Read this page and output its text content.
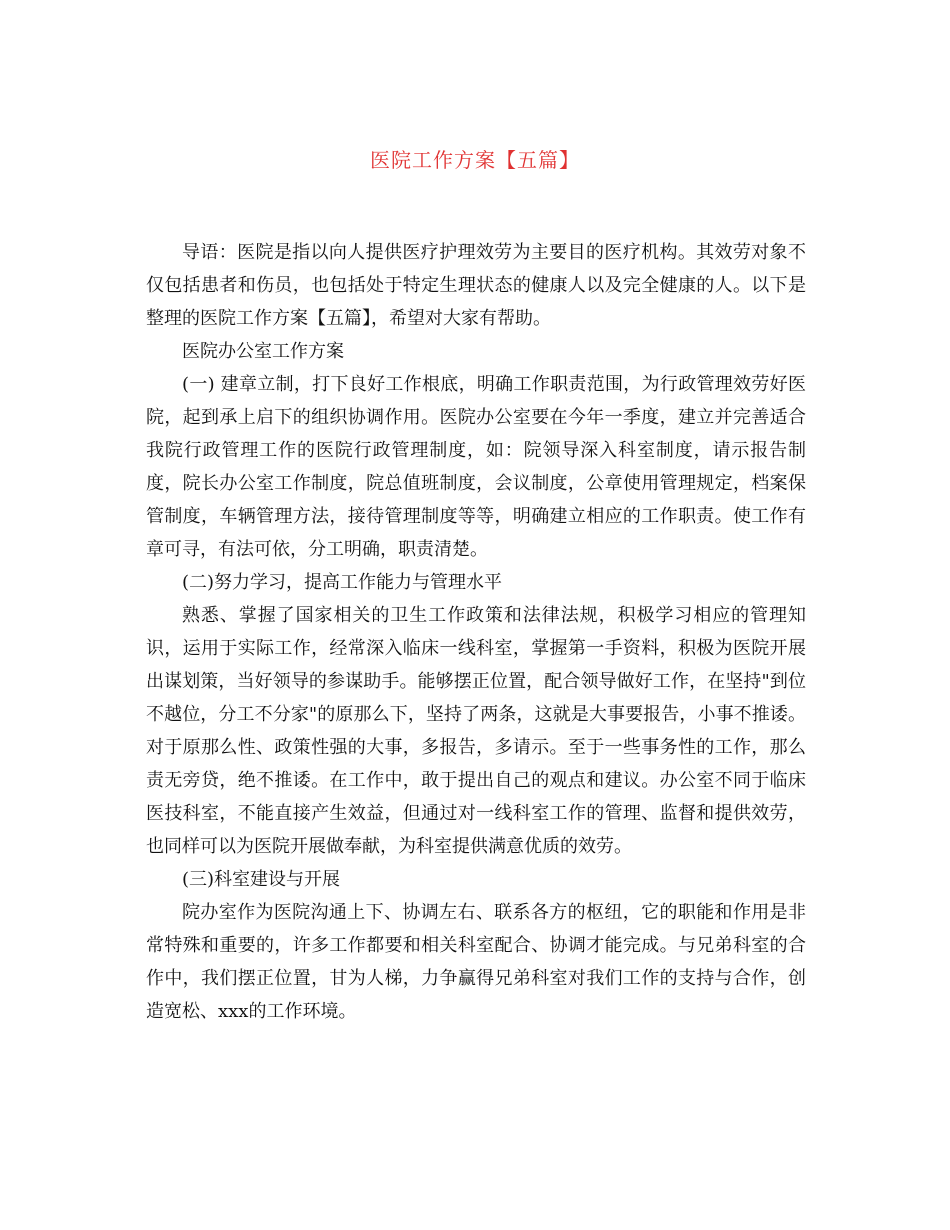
医院工作方案【五篇】

导语：医院是指以向人提供医疗护理效劳为主要目的医疗机构。其效劳对象不仅包括患者和伤员，也包括处于特定生理状态的健康人以及完全健康的人。以下是整理的医院工作方案【五篇】，希望对大家有帮助。

医院办公室工作方案

(一) 建章立制，打下良好工作根底，明确工作职责范围，为行政管理效劳好医院，起到承上启下的组织协调作用。医院办公室要在今年一季度，建立并完善适合我院行政管理工作的医院行政管理制度，如：院领导深入科室制度，请示报告制度，院长办公室工作制度，院总值班制度，会议制度，公章使用管理规定，档案保管制度，车辆管理方法，接待管理制度等等，明确建立相应的工作职责。使工作有章可寻，有法可依，分工明确，职责清楚。

(二)努力学习，提高工作能力与管理水平

熟悉、掌握了国家相关的卫生工作政策和法律法规，积极学习相应的管理知识，运用于实际工作，经常深入临床一线科室，掌握第一手资料，积极为医院开展出谋划策，当好领导的参谋助手。能够摆正位置，配合领导做好工作，在坚持"到位不越位，分工不分家"的原那么下，坚持了两条，这就是大事要报告，小事不推诿。对于原那么性、政策性强的大事，多报告，多请示。至于一些事务性的工作，那么责无旁贷，绝不推诿。在工作中，敢于提出自己的观点和建议。办公室不同于临床医技科室，不能直接产生效益，但通过对一线科室工作的管理、监督和提供效劳，也同样可以为医院开展做奉献，为科室提供满意优质的效劳。

(三)科室建设与开展

院办室作为医院沟通上下、协调左右、联系各方的枢纽，它的职能和作用是非常特殊和重要的，许多工作都要和相关科室配合、协调才能完成。与兄弟科室的合作中，我们摆正位置，甘为人梯，力争赢得兄弟科室对我们工作的支持与合作，创造宽松、xxx的工作环境。
